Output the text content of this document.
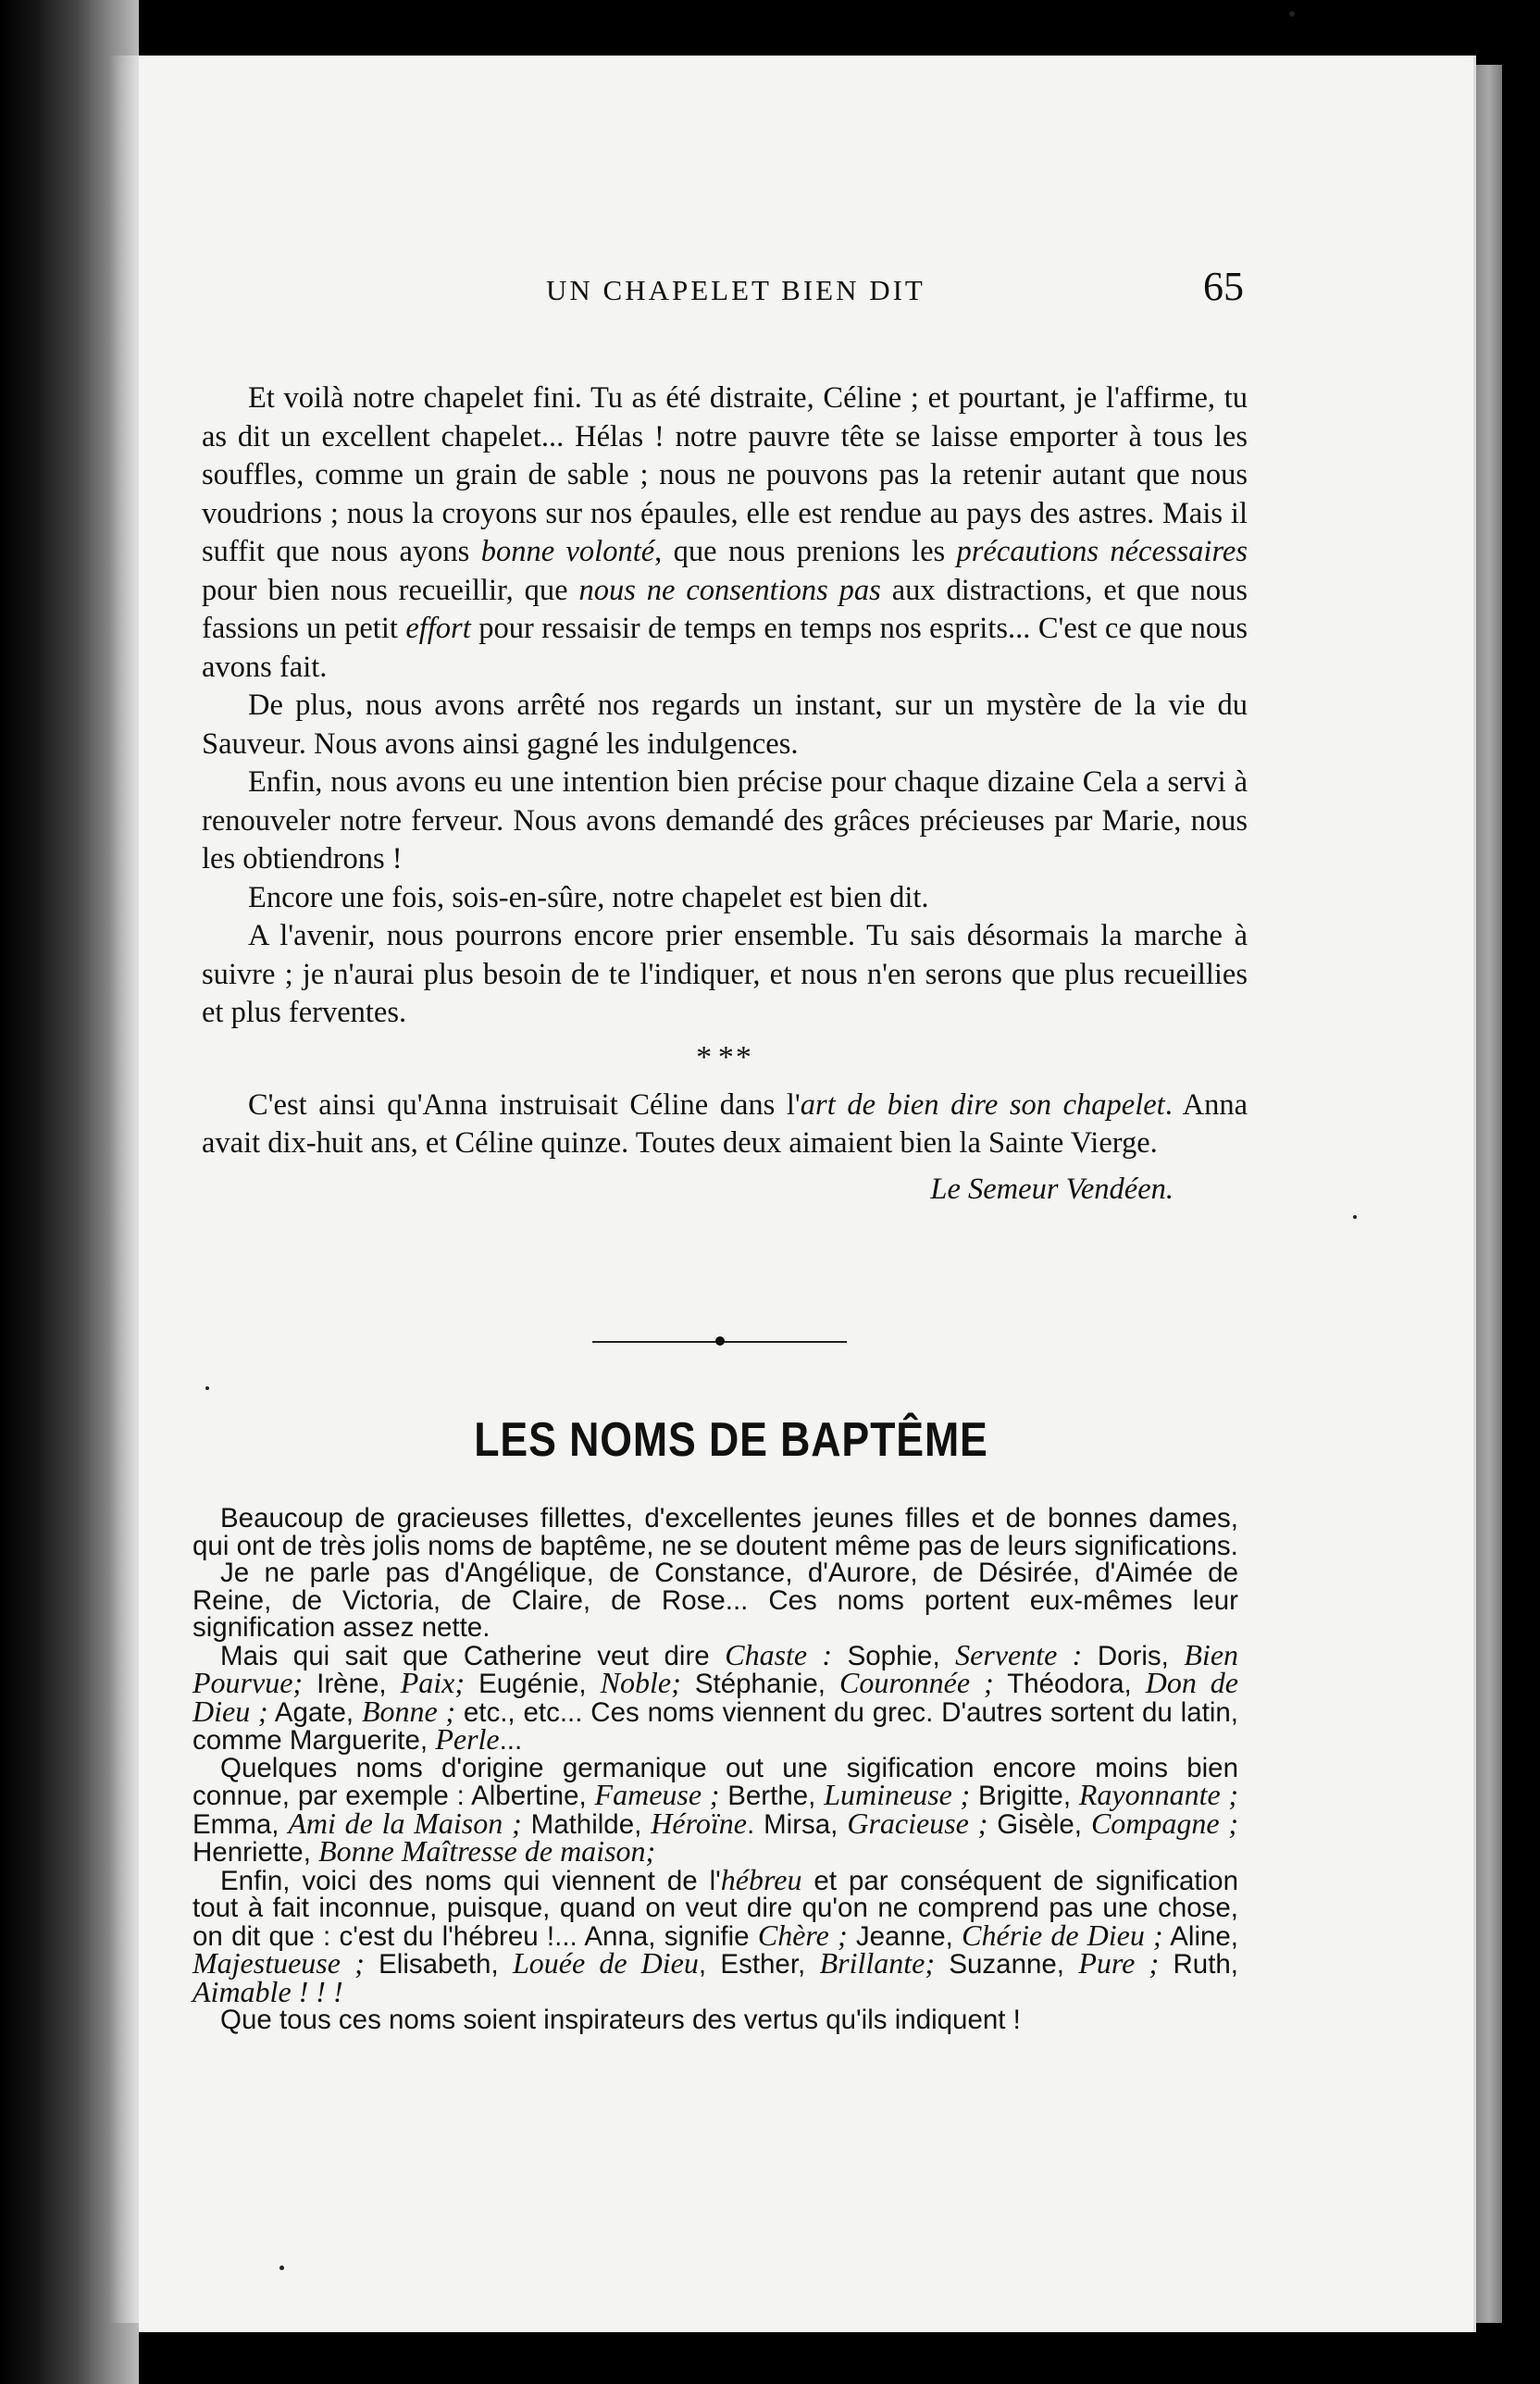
UN CHAPELET BIEN DIT	65

Et voilà notre chapelet fini. Tu as été distraite, Céline ; et pourtant, je l'affirme, tu as dit un excellent chapelet... Hélas ! notre pauvre tête se laisse emporter à tous les souffles, comme un grain de sable ; nous ne pouvons pas la retenir autant que nous voudrions ; nous la croyons sur nos épaules, elle est rendue au pays des astres. Mais il suffit que nous ayons bonne volonté, que nous prenions les précautions nécessaires pour bien nous recueillir, que nous ne consentions pas aux distractions, et que nous fassions un petit effort pour ressaisir de temps en temps nos esprits... C'est ce que nous avons fait.

De plus, nous avons arrêté nos regards un instant, sur un mystère de la vie du Sauveur. Nous avons ainsi gagné les indulgences.

Enfin, nous avons eu une intention bien précise pour chaque dizaine Cela a servi à renouveler notre ferveur. Nous avons demandé des grâces précieuses par Marie, nous les obtiendrons !

Encore une fois, sois-en-sûre, notre chapelet est bien dit.

A l'avenir, nous pourrons encore prier ensemble. Tu sais désormais la marche à suivre ; je n'aurai plus besoin de te l'indiquer, et nous n'en serons que plus recueillies et plus ferventes.

* **

C'est ainsi qu'Anna instruisait Céline dans l'art de bien dire son chapelet. Anna avait dix-huit ans, et Céline quinze. Toutes deux aimaient bien la Sainte Vierge.

Le Semeur Vendéen.
LES NOMS DE BAPTÊME

Beaucoup de gracieuses fillettes, d'excellentes jeunes filles et de bonnes dames, qui ont de très jolis noms de baptême, ne se doutent même pas de leurs significations.

Je ne parle pas d'Angélique, de Constance, d'Aurore, de Désirée, d'Aimée de Reine, de Victoria, de Claire, de Rose... Ces noms portent eux-mêmes leur signification assez nette.

Mais qui sait que Catherine veut dire Chaste : Sophie, Servente : Doris, Bien Pourvue; Irène, Paix; Eugénie, Noble; Stéphanie, Couronnée ; Théodora, Don de Dieu ; Agate, Bonne ; etc., etc... Ces noms viennent du grec. D'autres sortent du latin, comme Marguerite, Perle...

Quelques noms d'origine germanique out une sigification encore moins bien connue, par exemple : Albertine, Fameuse ; Berthe, Lumineuse ; Brigitte, Rayonnante ; Emma, Ami de la Maison ; Mathilde, Héroïne. Mirsa, Gracieuse ; Gisèle, Compagne ; Henriette, Bonne Maîtresse de maison;

Enfin, voici des noms qui viennent de l'hébreu et par conséquent de signification tout à fait inconnue, puisque, quand on veut dire qu'on ne comprend pas une chose, on dit que : c'est du l'hébreu !... Anna, signifie Chère ; Jeanne, Chérie de Dieu ; Aline, Majestueuse ; Elisabeth, Louée de Dieu, Esther, Brillante; Suzanne, Pure ; Ruth, Aimable ! ! !

Que tous ces noms soient inspirateurs des vertus qu'ils indiquent !
